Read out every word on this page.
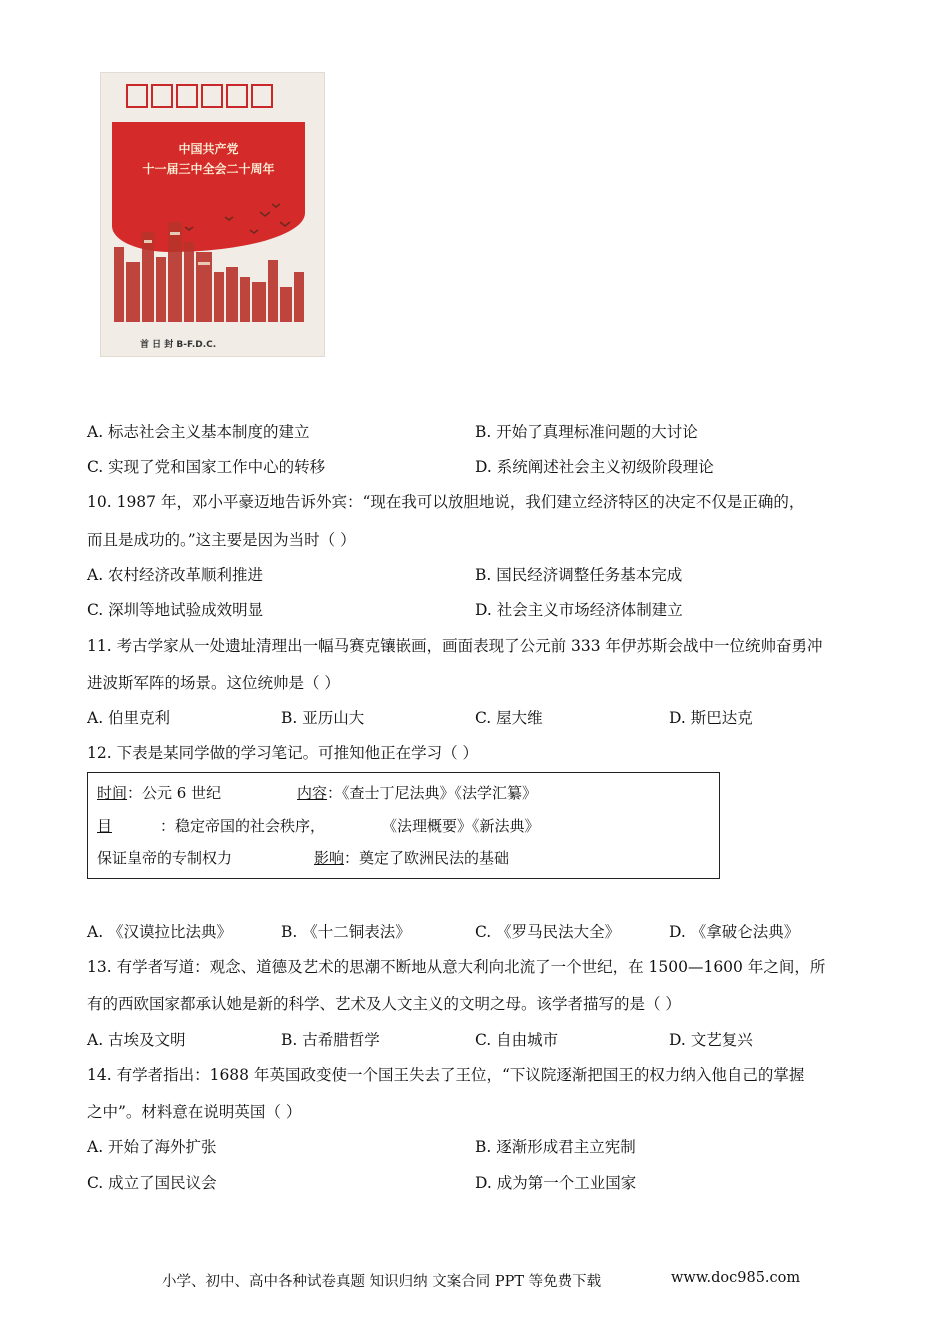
中国共产党
十一届三中全会二十周年
首 日 封 B-F.D.C.
A. 标志社会主义基本制度的建立	B. 开始了真理标准问题的大讨论
C. 实现了党和国家工作中心的转移	D. 系统阐述社会主义初级阶段理论
10. 1987 年，邓小平豪迈地告诉外宾：“现在我可以放胆地说，我们建立经济特区的决定不仅是正确的，
而且是成功的。”这主要是因为当时（ ）
A. 农村经济改革顺利推进	B. 国民经济调整任务基本完成
C. 深圳等地试验成效明显	D. 社会主义市场经济体制建立
11. 考古学家从一处遗址清理出一幅马赛克镶嵌画，画面表现了公元前 333 年伊苏斯会战中一位统帅奋勇冲
进波斯军阵的场景。这位统帅是（ ）
A. 伯里克利	B. 亚历山大	C. 屋大维	D. 斯巴达克
12. 下表是某同学做的学习笔记。可推知他正在学习（ ）
时间：公元 6 世纪	内容：《查士丁尼法典》《法学汇纂》
目	：稳定帝国的社会秩序，	《法理概要》《新法典》
保证皇帝的专制权力	影响：奠定了欧洲民法的基础
A. 《汉谟拉比法典》	B. 《十二铜表法》	C. 《罗马民法大全》	D. 《拿破仑法典》
13. 有学者写道：观念、道德及艺术的思潮不断地从意大利向北流了一个世纪，在 1500—1600 年之间，所
有的西欧国家都承认她是新的科学、艺术及人文主义的文明之母。该学者描写的是（ ）
A. 古埃及文明	B. 古希腊哲学	C. 自由城市	D. 文艺复兴
14. 有学者指出：1688 年英国政变使一个国王失去了王位，“下议院逐渐把国王的权力纳入他自己的掌握
之中”。材料意在说明英国（ ）
A. 开始了海外扩张	B. 逐渐形成君主立宪制
C. 成立了国民议会	D. 成为第一个工业国家
小学、初中、高中各种试卷真题 知识归纳 文案合同 PPT 等免费下载	www.doc985.com
